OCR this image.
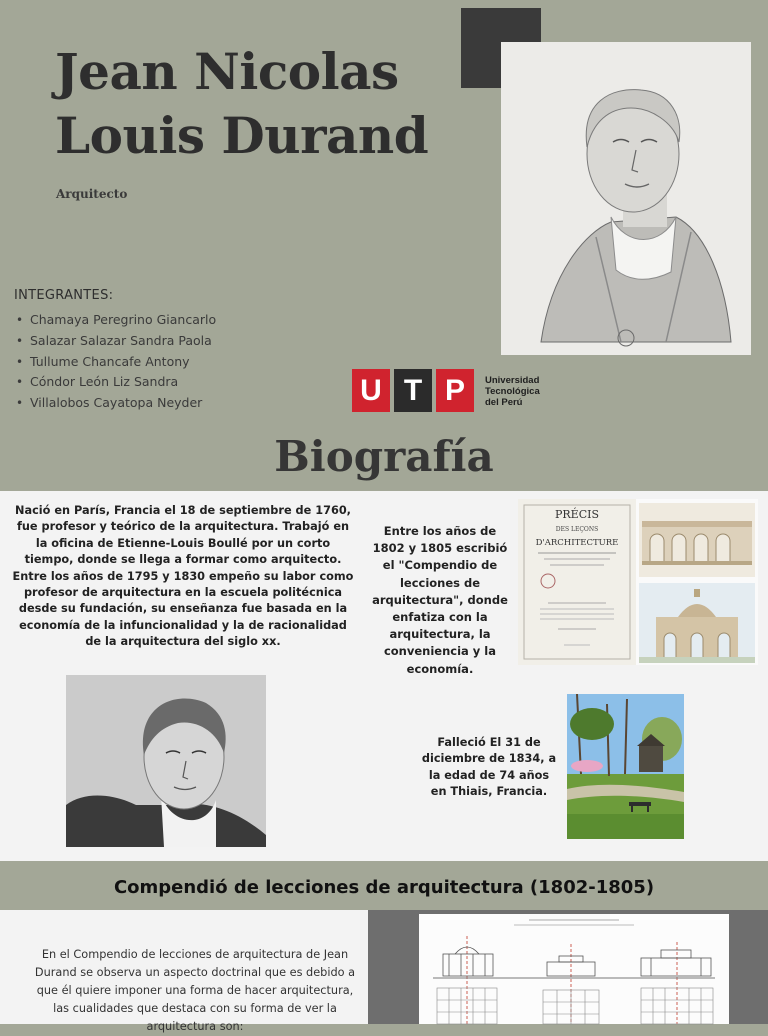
Jean Nicolas
Louis Durand
Arquitecto
INTEGRANTES:
• Chamaya Peregrino Giancarlo
• Salazar Salazar Sandra Paola
• Tullume Chancafe Antony
• Cóndor León Liz Sandra
• Villalobos Cayatopa Neyder	U T P	Universidad
Tecnológica
del Perú
Biografía
Nació en París, Francia el 18 de septiembre de 1760, fue profesor y teórico de la arquitectura. Trabajó en la oficina de Etienne-Louis Boullé por un corto tiempo, donde se llega a formar como arquitecto. Entre los años de 1795 y 1830 empeño su labor como profesor de arquitectura en la escuela politécnica desde su fundación, su enseñanza fue basada en la economía de la infuncionalidad y la de racionalidad de la arquitectura del siglo xx.
Entre los años de 1802 y 1805 escribió el "Compendio de lecciones de arquitectura", donde enfatiza con la arquitectura, la conveniencia y la economía.
Falleció El 31 de diciembre de 1834, a la edad de 74 años en Thiais, Francia.
PRÉCIS
DES LEÇONS
D'ARCHITECTURE
Compendió de lecciones de arquitectura (1802-1805)
En el Compendio de lecciones de arquitectura de Jean Durand se observa un aspecto doctrinal que es debido a que él quiere imponer una forma de hacer arquitectura, las cualidades que destaca con su forma de ver la arquitectura son:
